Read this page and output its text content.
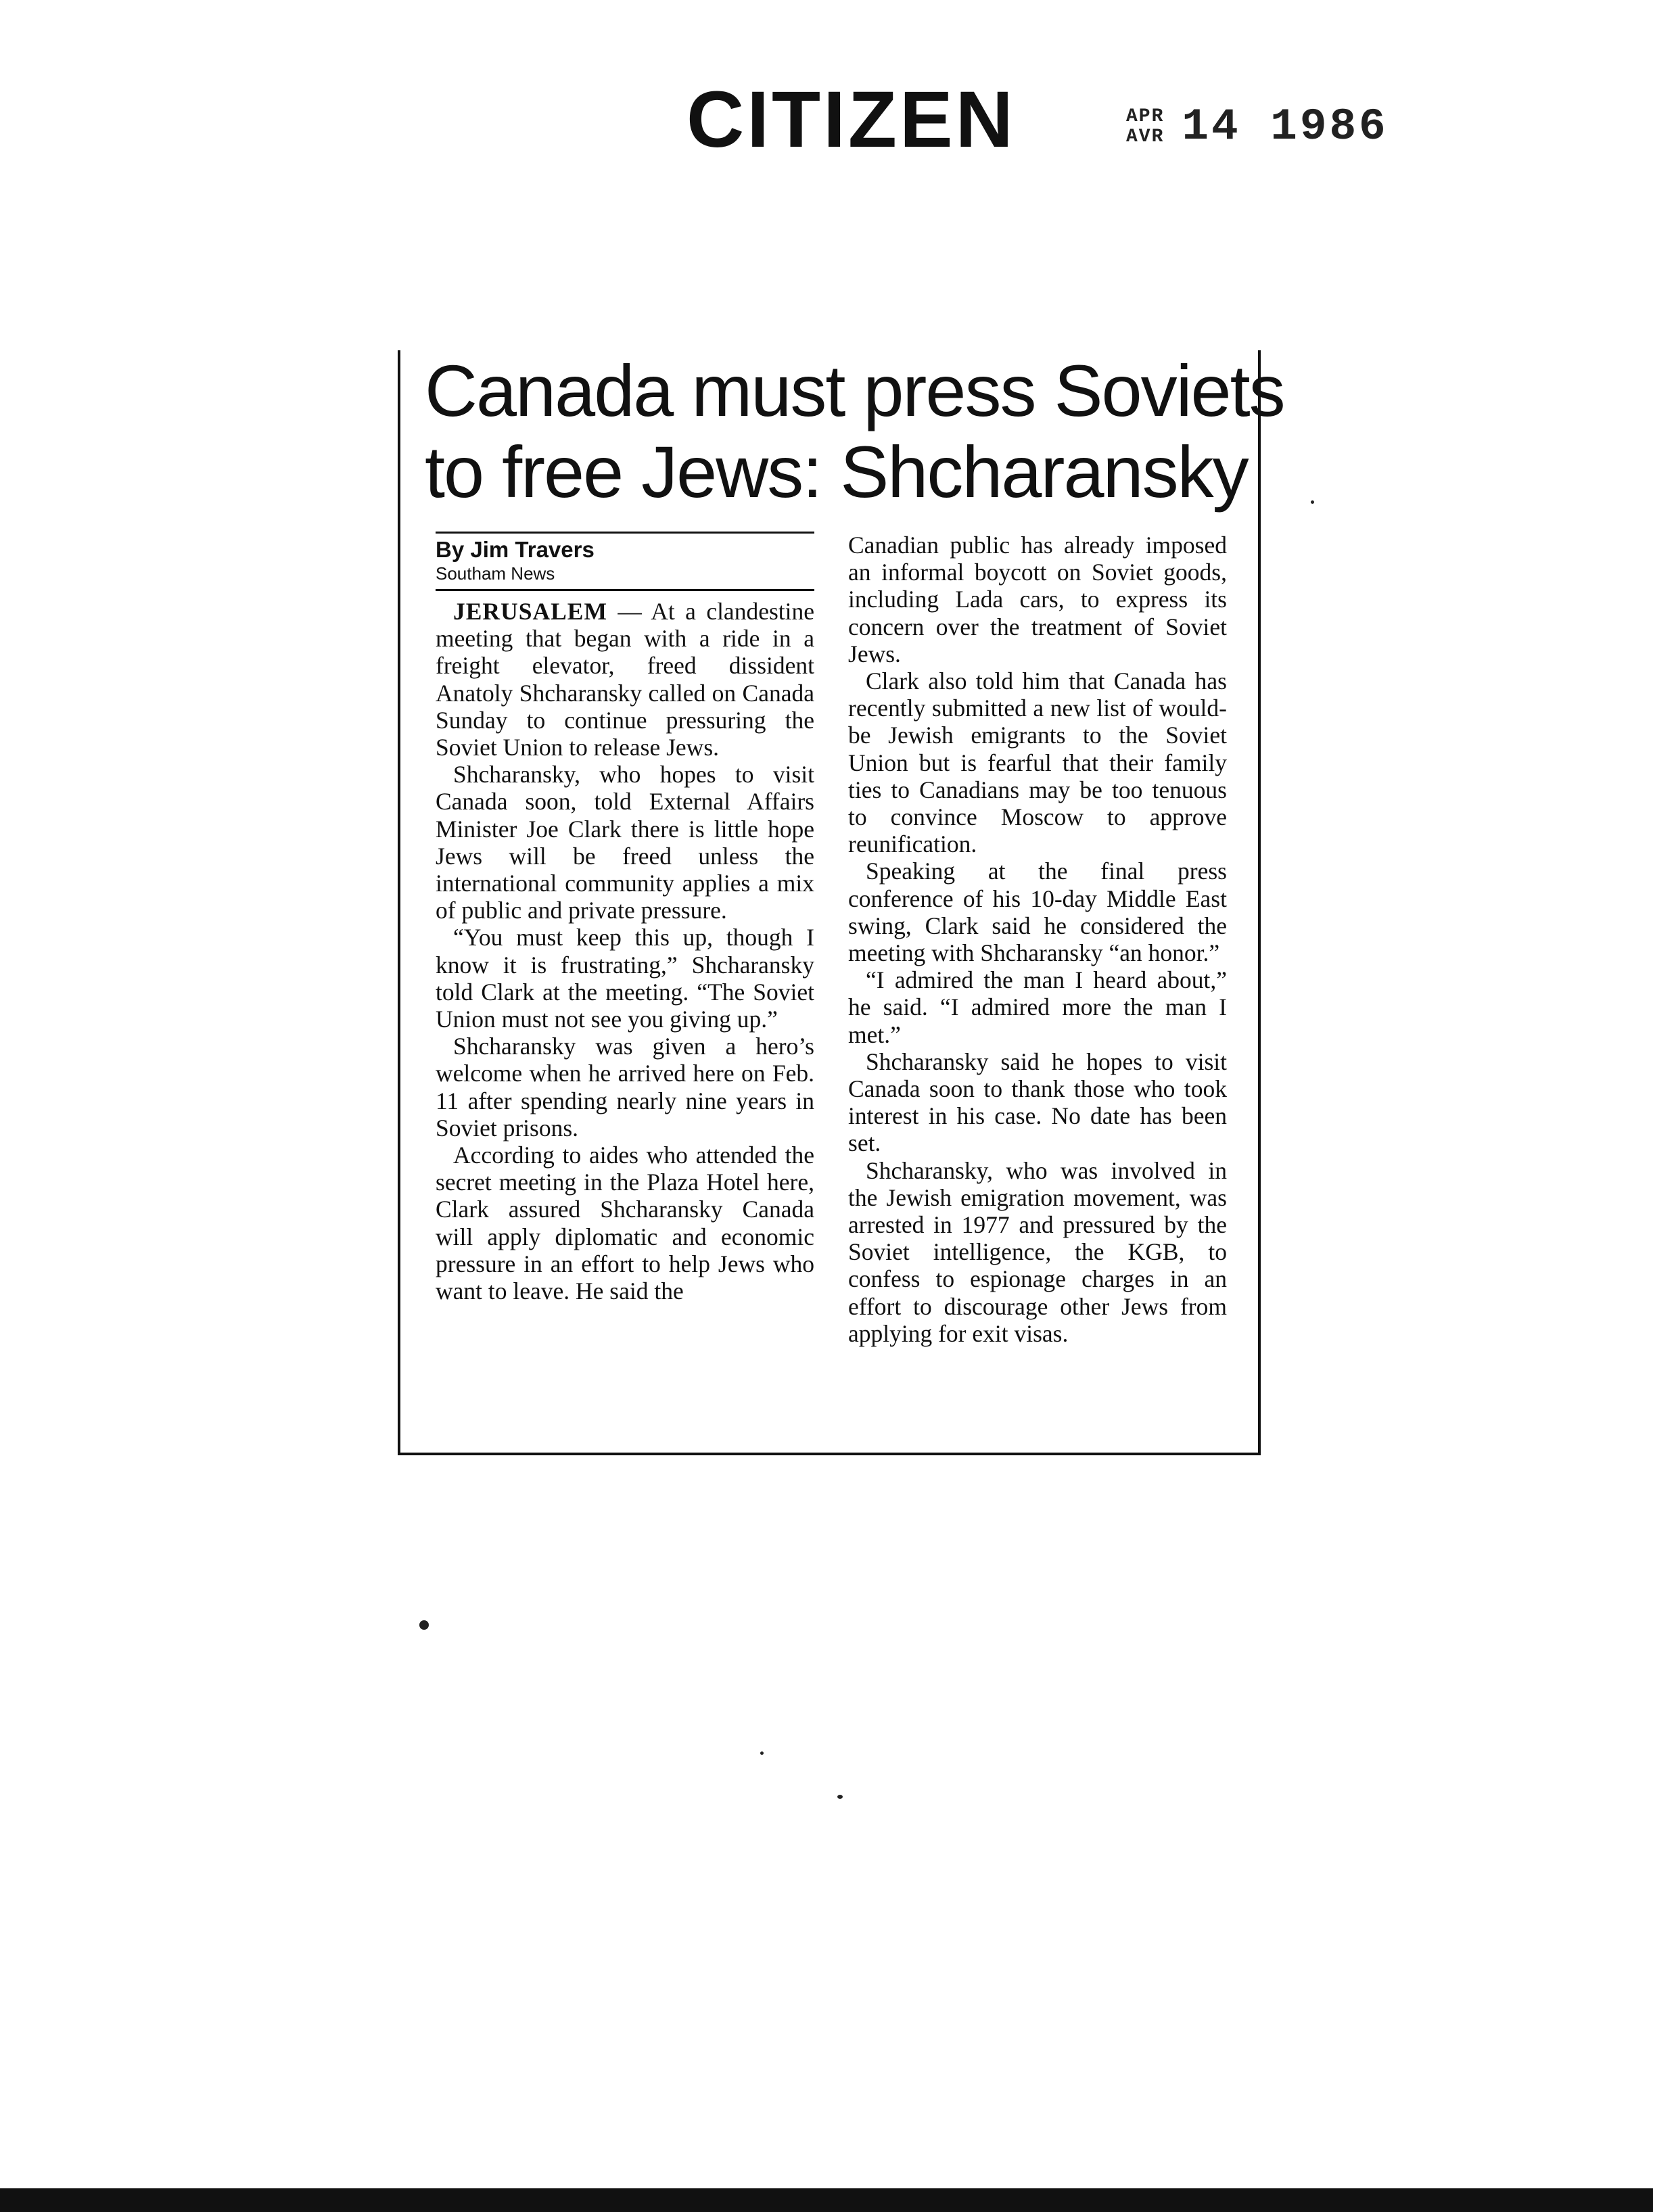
CITIZEN	APR
AVR 14 1986
Canada must press Soviets
to free Jews: Shcharansky
By Jim Travers
Southam News

JERUSALEM — At a clandestine meeting that began with a ride in a freight elevator, freed dissident Anatoly Shcharansky called on Canada Sunday to continue pressuring the Soviet Union to release Jews.

Shcharansky, who hopes to visit Canada soon, told External Affairs Minister Joe Clark there is little hope Jews will be freed unless the international community applies a mix of public and private pressure.

“You must keep this up, though I know it is frustrating,” Shcharansky told Clark at the meeting. “The Soviet Union must not see you giving up.”

Shcharansky was given a hero’s welcome when he arrived here on Feb. 11 after spending nearly nine years in Soviet prisons.

According to aides who attended the secret meeting in the Plaza Hotel here, Clark assured Shcharansky Canada will apply diplomatic and economic pressure in an effort to help Jews who want to leave. He said the

Canadian public has already imposed an informal boycott on Soviet goods, including Lada cars, to express its concern over the treatment of Soviet Jews.

Clark also told him that Canada has recently submitted a new list of would-be Jewish emigrants to the Soviet Union but is fearful that their family ties to Canadians may be too tenuous to convince Moscow to approve reunification.

Speaking at the final press conference of his 10-day Middle East swing, Clark said he considered the meeting with Shcharansky “an honor.”

“I admired the man I heard about,” he said. “I admired more the man I met.”

Shcharansky said he hopes to visit Canada soon to thank those who took interest in his case. No date has been set.

Shcharansky, who was involved in the Jewish emigration movement, was arrested in 1977 and pressured by the Soviet intelligence, the KGB, to confess to espionage charges in an effort to discourage other Jews from applying for exit visas.
